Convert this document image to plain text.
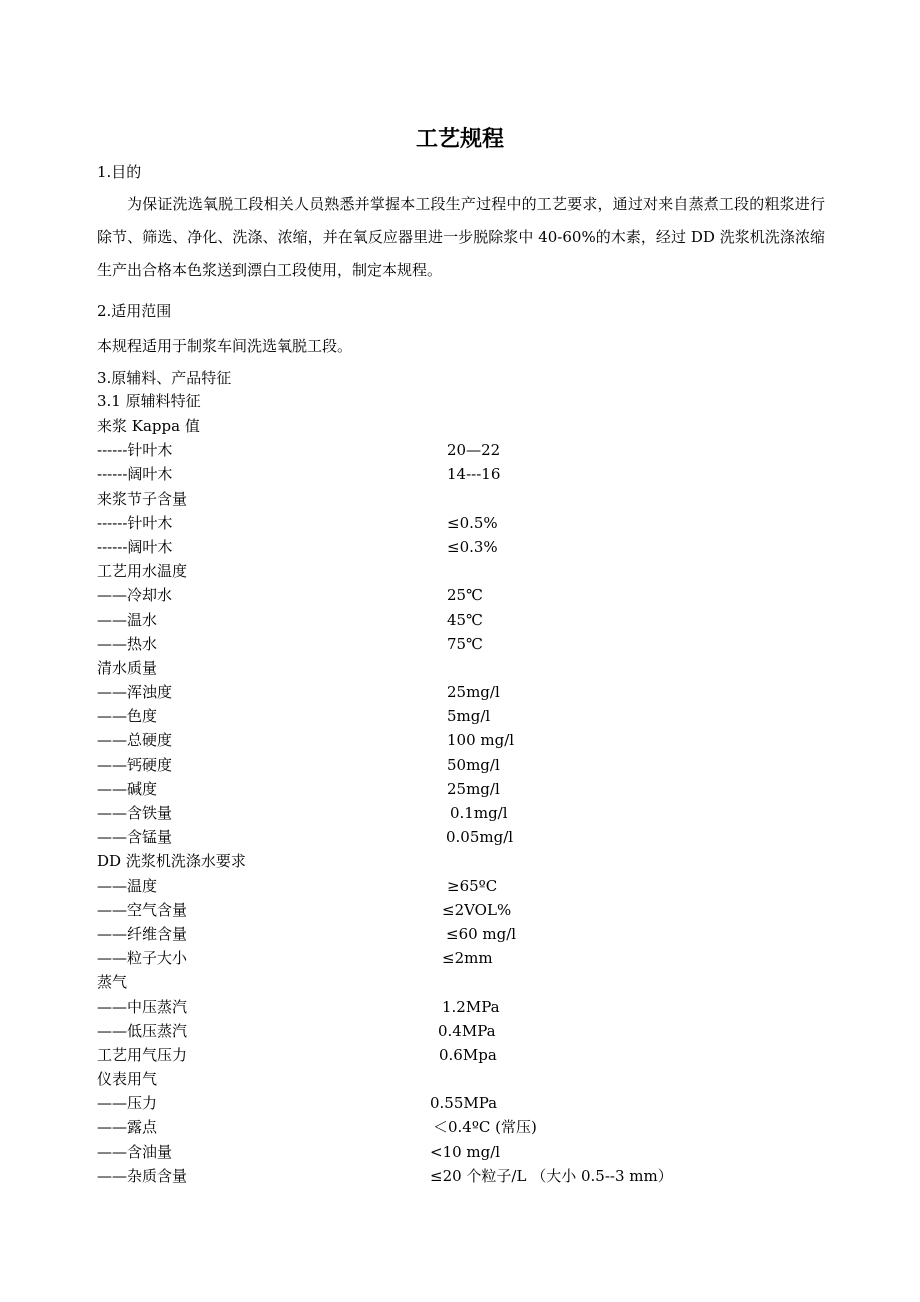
工艺规程
1.目的
为保证洗选氧脱工段相关人员熟悉并掌握本工段生产过程中的工艺要求，通过对来自蒸煮工段的粗浆进行除节、筛选、净化、洗涤、浓缩，并在氧反应器里进一步脱除浆中 40-60%的木素，经过 DD 洗浆机洗涤浓缩生产出合格本色浆送到漂白工段使用，制定本规程。
2.适用范围
本规程适用于制浆车间洗选氧脱工段。
3.原辅料、产品特征
3.1 原辅料特征
来浆 Kappa 值
------针叶木	20—22
------阔叶木	14---16
来浆节子含量
------针叶木	≤0.5%
------阔叶木	≤0.3%
工艺用水温度
——冷却水	25℃
——温水	45℃
——热水	75℃
清水质量
——浑浊度	25mg/l
——色度	5mg/l
——总硬度	100 mg/l
——钙硬度	50mg/l
——碱度	25mg/l
——含铁量	0.1mg/l
——含锰量	0.05mg/l
DD 洗浆机洗涤水要求
——温度	≥65ºC
——空气含量	≤2VOL%
——纤维含量	≤60 mg/l
——粒子大小	≤2mm
蒸气
——中压蒸汽	1.2MPa
——低压蒸汽	0.4MPa
工艺用气压力	0.6Mpa
仪表用气
——压力	0.55MPa
——露点	＜0.4ºC (常压)
——含油量	<10 mg/l
——杂质含量	≤20 个粒子/L （大小 0.5--3 mm）
